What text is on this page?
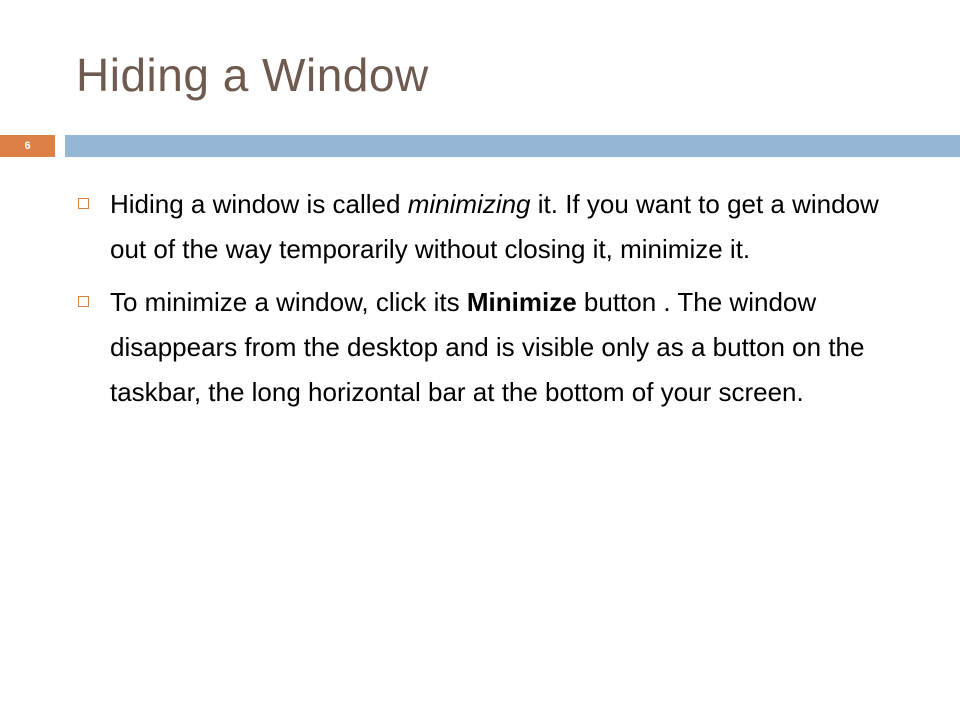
Hiding a Window
6
Hiding a window is called minimizing it. If you want to get a window out of the way temporarily without closing it, minimize it.
To minimize a window, click its Minimize button . The window disappears from the desktop and is visible only as a button on the taskbar, the long horizontal bar at the bottom of your screen.
